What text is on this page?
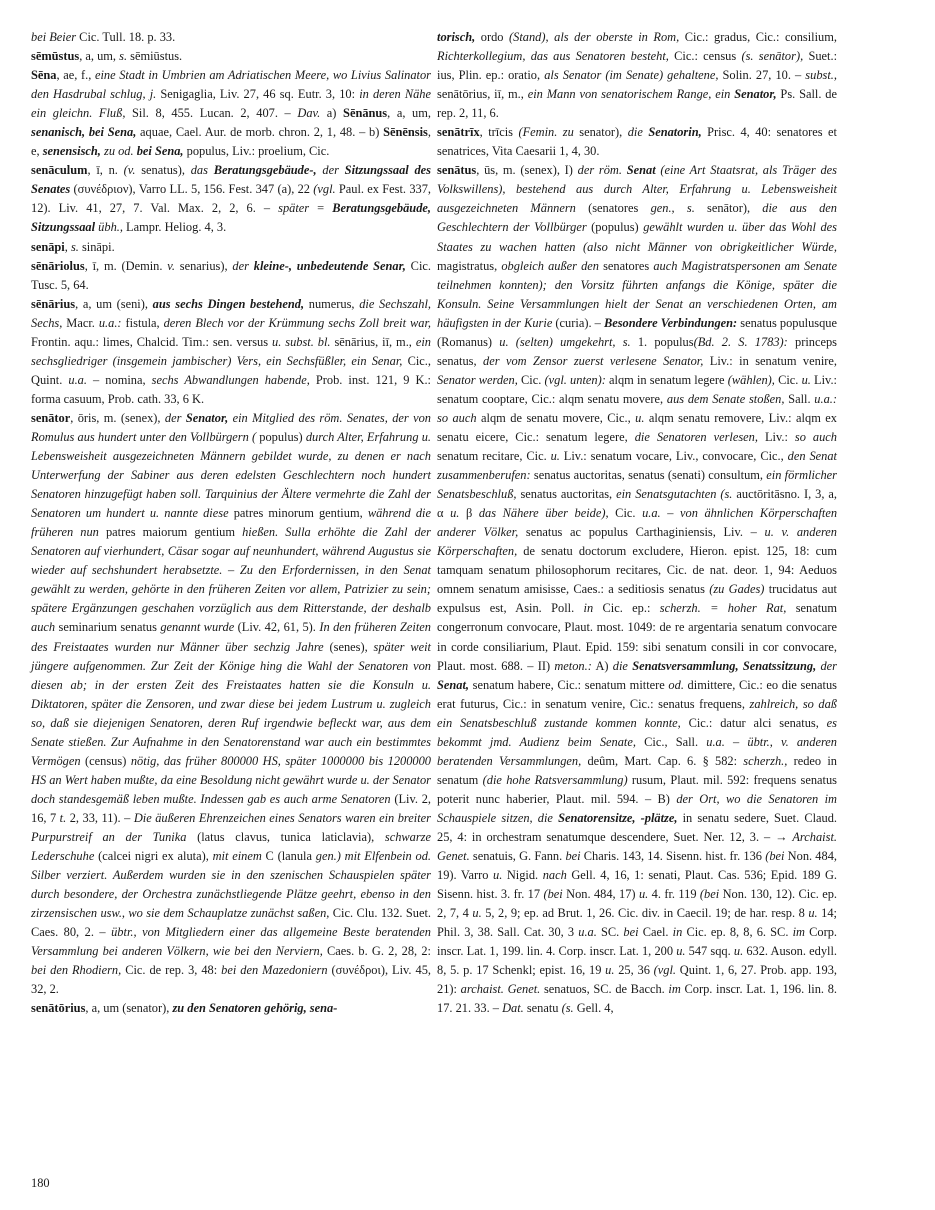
bei Beier Cic. Tull. 18. p. 33.

sēmūstus, a, um, s. sēmiūstus.

Sēna, ae, f., eine Stadt in Umbrien am Adriatischen Meere, wo Livius Salinator den Hasdrubal schlug, j. Senigaglia, Liv. 27, 46 sq. Eutr. 3, 10: in deren Nähe ein gleichn. Fluß, Sil. 8, 455. Lucan. 2, 407. – Dav. a) Sēnānus, a, um, senanisch, bei Sena, aquae, Cael. Aur. de morb. chron. 2, 1, 48. – b) Sēnēnsis, e, senensisch, zu od. bei Sena, populus, Liv.: proelium, Cic.

senāculum, ī, n. (v. senatus), das Beratungsgebäude-, der Sitzungssaal des Senates (συνέδριον), Varro LL. 5, 156. Fest. 347 (a), 22 (vgl. Paul. ex Fest. 337, 12). Liv. 41, 27, 7. Val. Max. 2, 2, 6. – später = Beratungsgebäude, Sitzungssaal übh., Lampr. Heliog. 4, 3.

senāpi, s. sināpi.

sēnāriolus, ī, m. (Demin. v. senarius), der kleine-, unbedeutende Senar, Cic. Tusc. 5, 64.

sēnārius, a, um (seni), aus sechs Dingen bestehend, numerus, die Sechszahl, Sechs, Macr. u.a.: fistula, deren Blech vor der Krümmung sechs Zoll breit war, Frontin. aqu.: limes, Chalcid. Tim.: sen. versus u. subst. bl. sēnārius, iī, m., ein sechsgliedriger (insgemein jambischer) Vers, ein Sechsfüßler, ein Senar, Cic., Quint. u.a. – nomina, sechs Abwandlungen habende, Prob. inst. 121, 9 K.: forma casuum, Prob. cath. 33, 6 K.

senātor, ōris, m. (senex), der Senator, ein Mitglied des röm. Senates, der von Romulus aus hundert unter den Vollbürgern ( populus) durch Alter, Erfahrung u. Lebensweisheit ausgezeichneten Männern gebildet wurde, zu denen er nach Unterwerfung der Sabiner aus deren edelsten Geschlechtern noch hundert Senatoren hinzugefügt haben soll. Tarquinius der Ältere vermehrte die Zahl der Senatoren um hundert u. nannte diese patres minorum gentium, während die früheren nun patres maiorum gentium hießen. Sulla erhöhte die Zahl der Senatoren auf vierhundert, Cäsar sogar auf neunhundert, während Augustus sie wieder auf sechshundert herabsetzte. – Zu den Erfordernissen, in den Senat gewählt zu werden, gehörte in den früheren Zeiten vor allem, Patrizier zu sein; spätere Ergänzungen geschahen vorzüglich aus dem Ritterstande, der deshalb auch seminarium senatus genannt wurde (Liv. 42, 61, 5). In den früheren Zeiten des Freistaates wurden nur Männer über sechzig Jahre (senes), später weit jüngere aufgenommen. Zur Zeit der Könige hing die Wahl der Senatoren von diesen ab; in der ersten Zeit des Freistaates hatten sie die Konsuln u. Diktatoren, später die Zensoren, und zwar diese bei jedem Lustrum u. zugleich so, daß sie diejenigen Senatoren, deren Ruf irgendwie befleckt war, aus dem Senate stießen. Zur Aufnahme in den Senatorenstand war auch ein bestimmtes Vermögen (census) nötig, das früher 800000 HS, später 1000000 bis 1200000 HS an Wert haben mußte, da eine Besoldung nicht gewährt wurde u. der Senator doch standesgemäß leben mußte. Indessen gab es auch arme Senatoren (Liv. 2, 16, 7 t. 2, 33, 11). – Die äußeren Ehrenzeichen eines Senators waren ein breiter Purpurstreif an der Tunika (latus clavus, tunica laticlavia), schwarze Lederschuhe (calcei nigri ex aluta), mit einem C (lanula gen.) mit Elfenbein od. Silber verziert. Außerdem wurden sie in den szenischen Schauspielen später durch besondere, der Orchestra zunächstliegende Plätze geehrt, ebenso in den zirzensischen usw., wo sie dem Schauplatze zunächst saßen, Cic. Clu. 132. Suet. Caes. 80, 2. – übtr., von Mitgliedern einer das allgemeine Beste beratenden Versammlung bei anderen Völkern, wie bei den Nerviern, Caes. b. G. 2, 28, 2: bei den Rhodiern, Cic. de rep. 3, 48: bei den Mazedoniern (συνέδροι), Liv. 45, 32, 2.

senātōrius, a, um (senator), zu den Senatoren gehörig, sena-

torisch, ordo (Stand), als der oberste in Rom, Cic.: gradus, Cic.: consilium, Richterkollegium, das aus Senatoren besteht, Cic.: census (s. senātor), Suet.: ius, Plin. ep.: oratio, als Senator (im Senate) gehaltene, Solin. 27, 10. – subst., senātōrius, iī, m., ein Mann von senatorischem Range, ein Senator, Ps. Sall. de rep. 2, 11, 6.

senātrīx, trīcis (Femin. zu senator), die Senatorin, Prisc. 4, 40: senatores et senatrices, Vita Caesarii 1, 4, 30.

senātus, ūs, m. (senex), I) der röm. Senat (eine Art Staatsrat, als Träger des Volkswillens), bestehend aus durch Alter, Erfahrung u. Lebensweisheit ausgezeichneten Männern (senatores gen., s. senātor), die aus den Geschlechtern der Vollbürger (populus) gewählt wurden u. über das Wohl des Staates zu wachen hatten (also nicht Männer von obrigkeitlicher Würde, magistratus, obgleich außer den senatores auch Magistratspersonen am Senate teilnehmen konnten); den Vorsitz führten anfangs die Könige, später die Konsuln. Seine Versammlungen hielt der Senat an verschiedenen Orten, am häufigsten in der Kurie (curia). – Besondere Verbindungen: senatus populusque (Romanus) u. (selten) umgekehrt, s. 1. populus(Bd. 2. S. 1783): princeps senatus, der vom Zensor zuerst verlesene Senator, Liv.: in senatum venire, Senator werden, Cic. (vgl. unten): alqm in senatum legere (wählen), Cic. u. Liv.: senatum cooptare, Cic.: alqm senatu movere, aus dem Senate stoßen, Sall. u.a.: so auch alqm de senatu movere, Cic., u. alqm senatu removere, Liv.: alqm ex senatu eicere, Cic.: senatum legere, die Senatoren verlesen, Liv.: so auch senatum recitare, Cic. u. Liv.: senatum vocare, Liv., convocare, Cic., den Senat zusammenberufen: senatus auctoritas, senatus (senati) consultum, ein förmlicher Senatsbeschluß, senatus auctoritas, ein Senatsgutachten (s. auctōritāsno. I, 3, a, α u. β das Nähere über beide), Cic. u.a. – von ähnlichen Körperschaften anderer Völker, senatus ac populus Carthaginiensis, Liv. – u. v. anderen Körperschaften, de senatu doctorum excludere, Hieron. epist. 125, 18: cum tamquam senatum philosophorum recitares, Cic. de nat. deor. 1, 94: Aeduos omnem senatum amisisse, Caes.: a seditiosis senatus (zu Gades) trucidatus aut expulsus est, Asin. Poll. in Cic. ep.: scherzh. = hoher Rat, senatum congerronum convocare, Plaut. most. 1049: de re argentaria senatum convocare in corde consiliarium, Plaut. Epid. 159: sibi senatum consili in cor convocare, Plaut. most. 688. – II) meton.: A) die Senatsversammlung, Senatssitzung, der Senat, senatum habere, Cic.: senatum mittere od. dimittere, Cic.: eo die senatus erat futurus, Cic.: in senatum venire, Cic.: senatus frequens, zahlreich, so daß ein Senatsbeschluß zustande kommen konnte, Cic.: datur alci senatus, es bekommt jmd. Audienz beim Senate, Cic., Sall. u.a. – übtr., v. anderen beratenden Versammlungen, deûm, Mart. Cap. 6. § 582: scherzh., redeo in senatum (die hohe Ratsversammlung) rusum, Plaut. mil. 592: frequens senatus poterit nunc haberier, Plaut. mil. 594. – B) der Ort, wo die Senatoren im Schauspiele sitzen, die Senatorensitze, -plätze, in senatu sedere, Suet. Claud. 25, 4: in orchestram senatumque descendere, Suet. Ner. 12, 3. – → Archaist. Genet. senatuis, G. Fann. bei Charis. 143, 14. Sisenn. hist. fr. 136 (bei Non. 484, 19). Varro u. Nigid. nach Gell. 4, 16, 1: senati, Plaut. Cas. 536; Epid. 189 G. Sisenn. hist. 3. fr. 17 (bei Non. 484, 17) u. 4. fr. 119 (bei Non. 130, 12). Cic. ep. 2, 7, 4 u. 5, 2, 9; ep. ad Brut. 1, 26. Cic. div. in Caecil. 19; de har. resp. 8 u. 14; Phil. 3, 38. Sall. Cat. 30, 3 u.a. SC. bei Cael. in Cic. ep. 8, 8, 6. SC. im Corp. inscr. Lat. 1, 199. lin. 4. Corp. inscr. Lat. 1, 200 u. 547 sqq. u. 632. Auson. edyll. 8, 5. p. 17 Schenkl; epist. 16, 19 u. 25, 36 (vgl. Quint. 1, 6, 27. Prob. app. 193, 21): archaist. Genet. senatuos, SC. de Bacch. im Corp. inscr. Lat. 1, 196. lin. 8. 17. 21. 33. – Dat. senatu (s. Gell. 4,

180
